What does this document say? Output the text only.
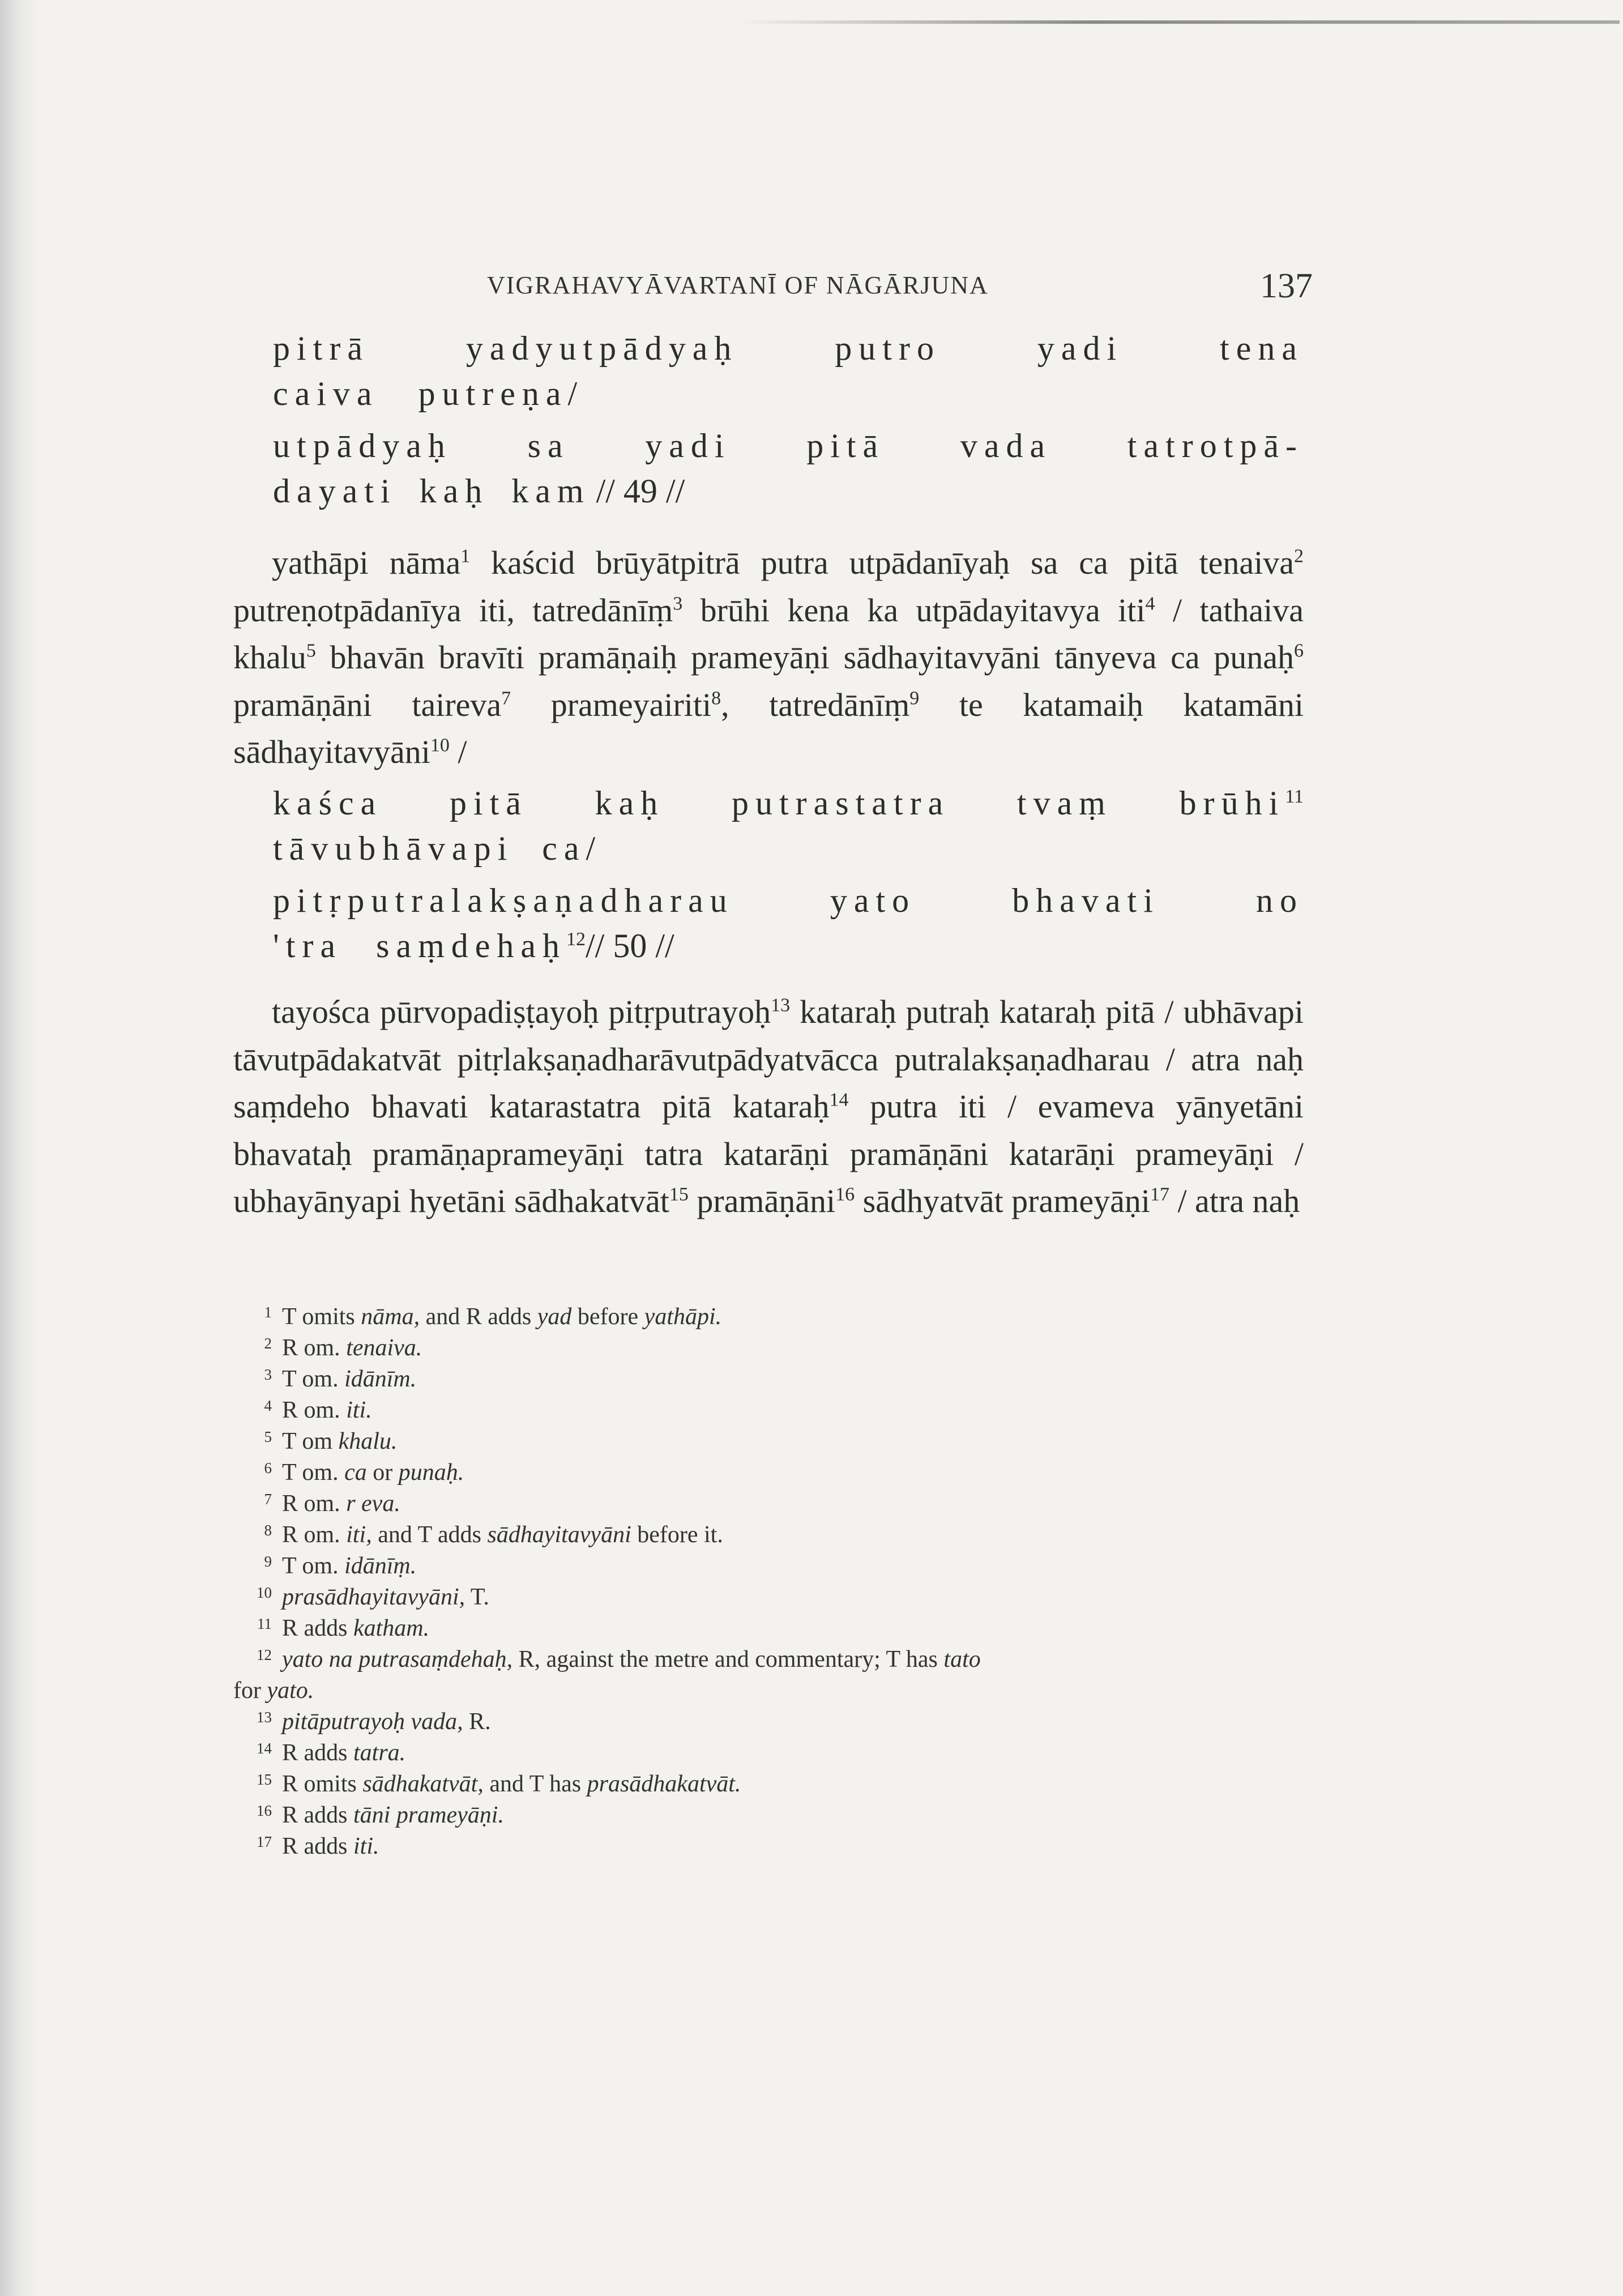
VIGRAHAVYĀVARTANĪ OF NĀGĀRJUNA	137
pitrā	yadyutpādyaḥ	putro	yadi	tena
caiva putreṇa/
utpādyaḥ sa yadi pitā vada tatrotpā-
dayati kaḥ kam // 49 //

yathāpi nāma$^1$ kaścid brūyātpitrā putra utpādanīyaḥ sa ca pitā tenaiva$^2$ putreṇotpādanīya iti, tatredānīṃ$^3$ brūhi kena ka utpādayitavya iti$^4$ / tathaiva khalu$^5$ bhavān bravīti pramāṇaiḥ prameyāṇi sādhayitavyāni tānyeva ca punaḥ$^6$ pramāṇāni taireva$^7$ prameyairiti$^8$, tatredānīṃ$^9$ te katamaiḥ katamāni sādhayitavyāni$^{10}$ /

kaśca pitā kaḥ putrastatra tvaṃ brūhi$^{11}$
tāvubhāvapi ca/
pitṛputralakṣaṇadharau	yato	bhavati	no
'tra saṃdehaḥ$^{12}$// 50 //

tayośca pūrvopadiṣṭayoḥ pitṛputrayoḥ$^{13}$ kataraḥ putraḥ kataraḥ pitā / ubhāvapi tāvutpādakatvāt pitṛlakṣaṇadharāvutpādyatvācca putralakṣaṇadharau / atra naḥ saṃdeho bhavati katarastatra pitā kataraḥ$^{14}$ putra iti / evameva yānyetāni bhavataḥ pramāṇaprameyāṇi tatra katarāṇi pramāṇāni katarāṇi prameyāṇi / ubhayānyapi hyetāni sādhakatvāt$^{15}$ pramāṇāni$^{16}$ sādhyatvāt prameyāṇi$^{17}$ / atra naḥ

1 T omits nāma, and R adds yad before yathāpi.
2 R om. tenaiva.
3 T om. idānīm.
4 R om. iti.
5 T om khalu.
6 T om. ca or punaḥ.
7 R om. r eva.
8 R om. iti, and T adds sādhayitavyāni before it.
9 T om. idānīṃ.
10 prasādhayitavyāni, T.
11 R adds katham.
12 yato na putrasaṃdehaḥ, R, against the metre and commentary; T has tato
for yato.
13 pitāputrayoḥ vada, R.
14 R adds tatra.
15 R omits sādhakatvāt, and T has prasādhakatvāt.
16 R adds tāni prameyāṇi.
17 R adds iti.
